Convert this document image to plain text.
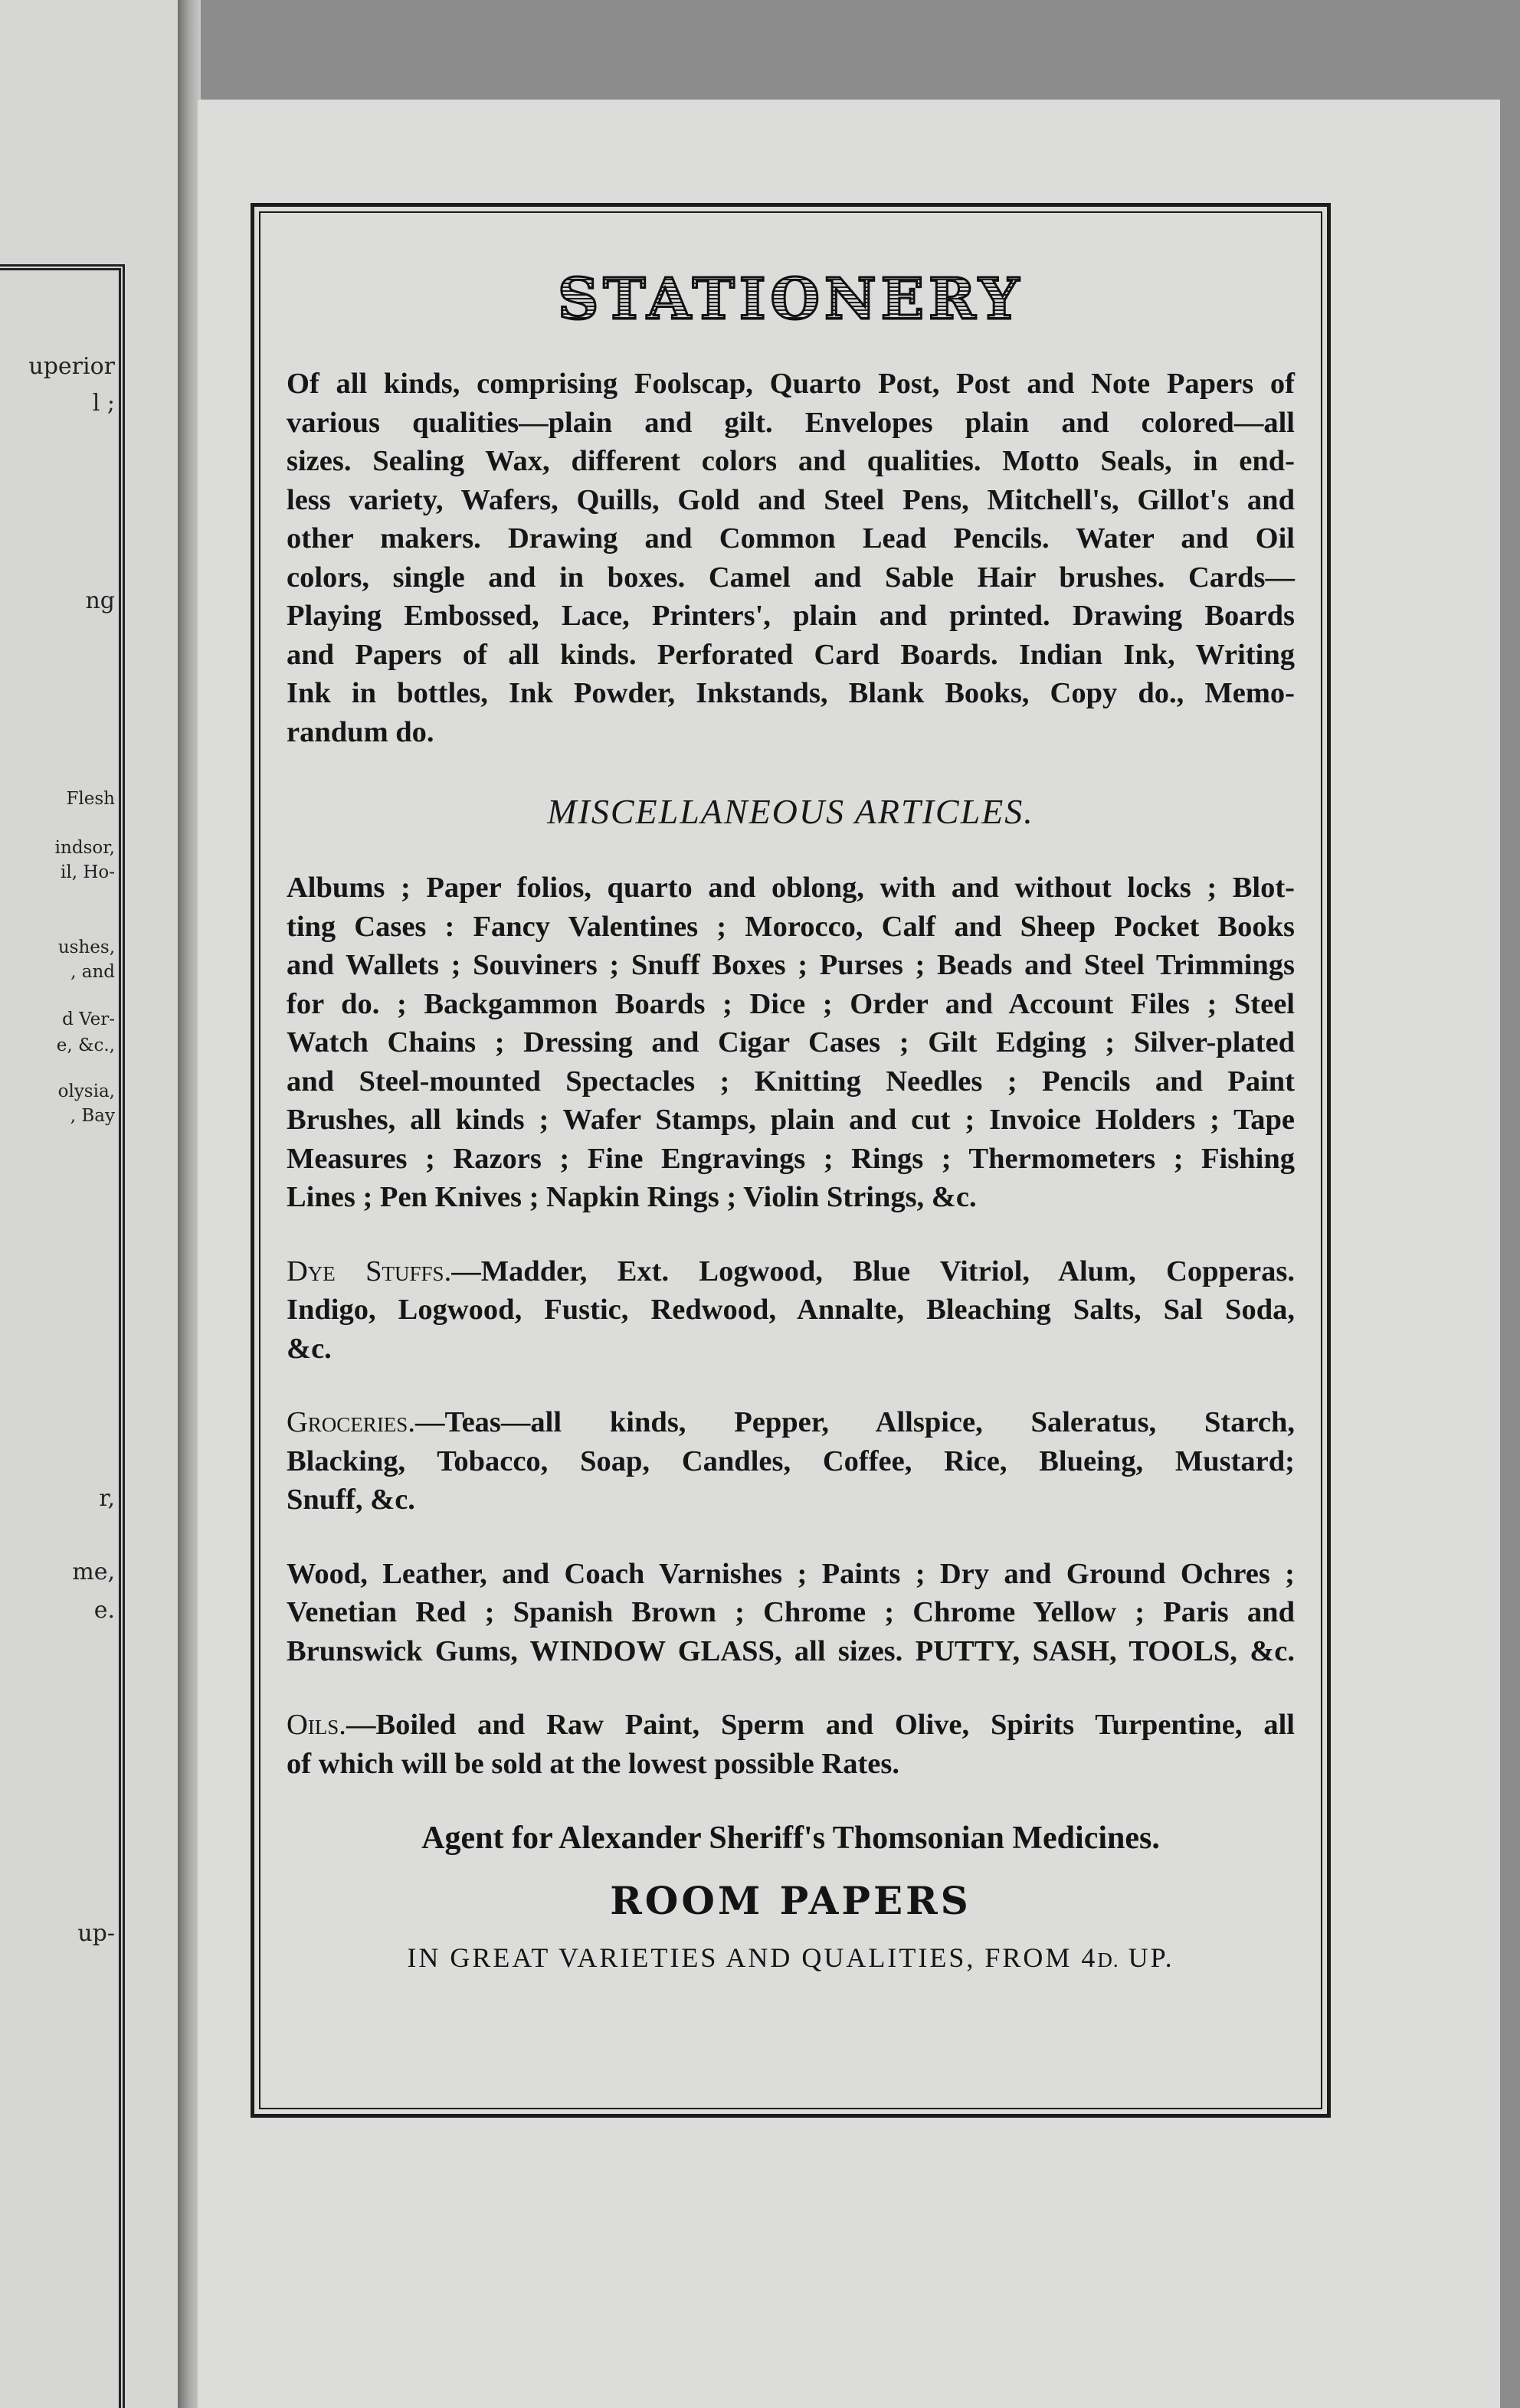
uperior
l ;
ng
Flesh
indsor,
il, Ho-
ushes,
, and
d Ver-
e, &c.,
olysia,
, Bay
r,
me,
e.
up-
STATIONERY

Of all kinds, comprising Foolscap, Quarto Post, Post and Note Papers of
various qualities—plain and gilt. Envelopes plain and colored—all
sizes. Sealing Wax, different colors and qualities. Motto Seals, in end-
less variety, Wafers, Quills, Gold and Steel Pens, Mitchell's, Gillot's and
other makers. Drawing and Common Lead Pencils. Water and Oil
colors, single and in boxes. Camel and Sable Hair brushes. Cards—
Playing Embossed, Lace, Printers', plain and printed. Drawing Boards
and Papers of all kinds. Perforated Card Boards. Indian Ink, Writing
Ink in bottles, Ink Powder, Inkstands, Blank Books, Copy do., Memo-
randum do.

MISCELLANEOUS ARTICLES.

Albums ; Paper folios, quarto and oblong, with and without locks ; Blot-
ting Cases : Fancy Valentines ; Morocco, Calf and Sheep Pocket Books
and Wallets ; Souviners ; Snuff Boxes ; Purses ; Beads and Steel Trimmings
for do. ; Backgammon Boards ; Dice ; Order and Account Files ; Steel
Watch Chains ; Dressing and Cigar Cases ; Gilt Edging ; Silver-plated
and Steel-mounted Spectacles ; Knitting Needles ; Pencils and Paint
Brushes, all kinds ; Wafer Stamps, plain and cut ; Invoice Holders ; Tape
Measures ; Razors ; Fine Engravings ; Rings ; Thermometers ; Fishing
Lines ; Pen Knives ; Napkin Rings ; Violin Strings, &c.

Dye Stuffs.—Madder, Ext. Logwood, Blue Vitriol, Alum, Copperas.
Indigo, Logwood, Fustic, Redwood, Annalte, Bleaching Salts, Sal Soda,
&c.

Groceries.—Teas—all kinds, Pepper, Allspice, Saleratus, Starch,
Blacking, Tobacco, Soap, Candles, Coffee, Rice, Blueing, Mustard;
Snuff, &c.

Wood, Leather, and Coach Varnishes ; Paints ; Dry and Ground Ochres ;
Venetian Red ; Spanish Brown ; Chrome ; Chrome Yellow ; Paris and
Brunswick Gums, WINDOW GLASS, all sizes. PUTTY, SASH, TOOLS, &c.

Oils.—Boiled and Raw Paint, Sperm and Olive, Spirits Turpentine, all
of which will be sold at the lowest possible Rates.

Agent for Alexander Sheriff's Thomsonian Medicines.
ROOM PAPERS
IN GREAT VARIETIES AND QUALITIES, FROM 4D. UP.
